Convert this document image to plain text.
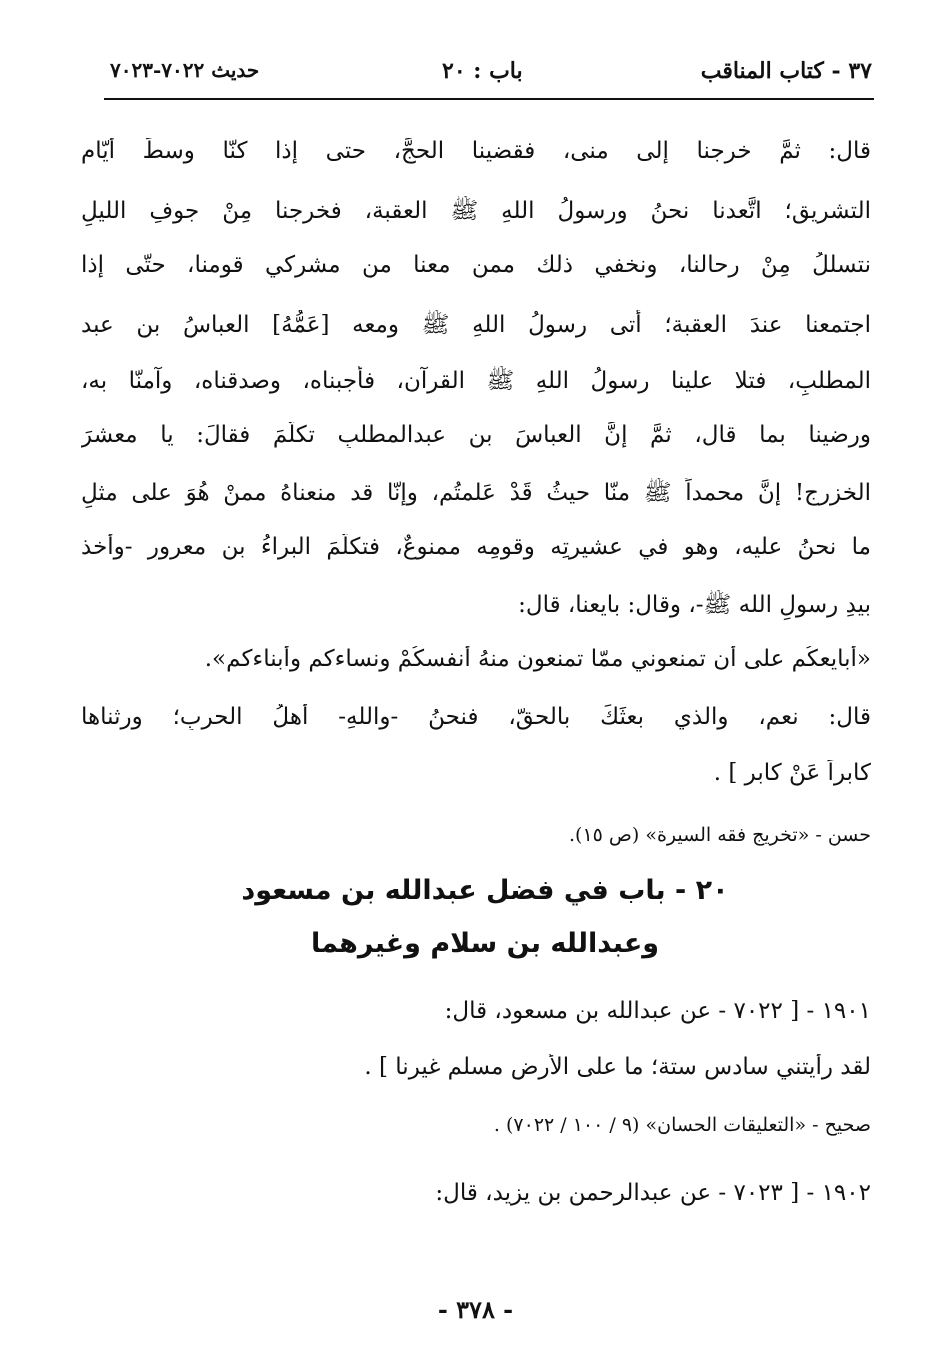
٣٧ - كتاب المناقب
باب : ٢٠
حديث ٧٠٢٢-٧٠٢٣
قال: ثمَّ خرجنا إلى منى، فقضينا الحجَّ، حتى إذا كنّا وسطَ أيّامِ
التشريق؛ اتَّعدنا نحنُ ورسولُ اللهِ ﷺ العقبة، فخرجنا مِنْ جوفِ الليلِ
نتسللُ مِنْ رحالنا، ونخفي ذلك ممن معنا من مشركي قومنا، حتّى إذا
اجتمعنا عندَ العقبة؛ أتى رسولُ اللهِ ﷺ ومعه [عَمُّهُ] العباسُ بن عبد
المطلبِ، فتلا علينا رسولُ اللهِ ﷺ القرآن، فأَجبناه، وصدقناه، وآمنّا به،
ورضينا بما قال، ثمَّ إنَّ العباسَ بن عبدالمطلبِ تكلّمَ فقالَ: يا معشرَ
الخزرج! إنَّ محمداً ﷺ منّا حيثُ قَدْ عَلمتُم، وإنّا قد منعناهُ ممنْ هُوَ على مثلِ
ما نحنُ عليه، وهو في عشيرتِه وقومِه ممنوعٌ، فتكلّمَ البراءُ بن معرورٍ -وأَخذ
بيدِ رسولِ الله ﷺ-، وقال: بايعنا، قال:
«أُبايعكُم على أن تمنعوني ممّا تمنعون منهُ أنفسكُمْ ونساءكم وأبناءكم».
قال: نعم، والذي بعثَكَ بالحقّ، فنحنُ -واللهِ- أَهلُ الحربِ؛ ورثناها
كابراً عَنْ كابر ] .
حسن - «تخريج فقه السيرة» (ص ١٥).
٢٠ - باب في فضل عبدالله بن مسعود
وعبدالله بن سلام وغيرهما
١٩٠١ - [ ٧٠٢٢ - عن عبدالله بن مسعود، قال:
لقد رأيتني سادس ستة؛ ما على الأرض مسلم غيرنا ] .
صحيح - «التعليقات الحسان» (٩ / ١٠٠ / ٧٠٢٢) .
١٩٠٢ - [ ٧٠٢٣ - عن عبدالرحمن بن يزيد، قال:
- ٣٧٨ -
